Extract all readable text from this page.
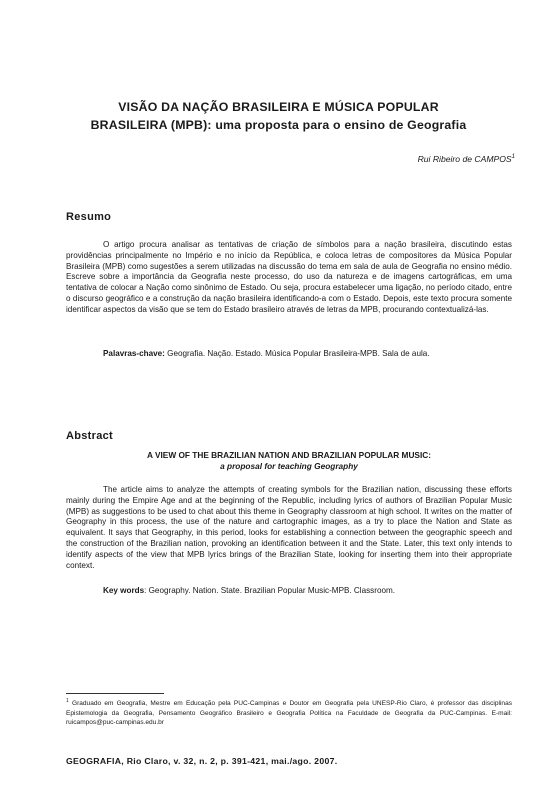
VISÃO DA NAÇÃO BRASILEIRA E MÚSICA POPULAR
BRASILEIRA (MPB): uma proposta para o ensino de Geografia
Rui Ribeiro de CAMPOS$^1$
Resumo
O artigo procura analisar as tentativas de criação de símbolos para a nação brasileira, discutindo estas providências principalmente no Império e no início da República, e coloca letras de compositores da Música Popular Brasileira (MPB) como sugestões a serem utilizadas na discussão do tema em sala de aula de Geografia no ensino médio. Escreve sobre a importância da Geografia neste processo, do uso da natureza e de imagens cartográficas, em uma tentativa de colocar a Nação como sinônimo de Estado. Ou seja, procura estabelecer uma ligação, no período citado, entre o discurso geográfico e a construção da nação brasileira identificando-a com o Estado. Depois, este texto procura somente identificar aspectos da visão que se tem do Estado brasileiro através de letras da MPB, procurando contextualizá-las.
Palavras-chave: Geografia. Nação. Estado. Música Popular Brasileira-MPB. Sala de aula.
Abstract
A VIEW OF THE BRAZILIAN NATION AND BRAZILIAN POPULAR MUSIC:
a proposal for teaching Geography
The article aims to analyze the attempts of creating symbols for the Brazilian nation, discussing these efforts mainly during the Empire Age and at the beginning of the Republic, including lyrics of authors of Brazilian Popular Music (MPB) as suggestions to be used to chat about this theme in Geography classroom at high school. It writes on the matter of Geography in this process, the use of the nature and cartographic images, as a try to place the Nation and State as equivalent. It says that Geography, in this period, looks for establishing a connection between the geographic speech and the construction of the Brazilian nation, provoking an identification between it and the State. Later, this text only intends to identify aspects of the view that MPB lyrics brings of the Brazilian State, looking for inserting them into their appropriate context.
Key words: Geography. Nation. State. Brazilian Popular Music-MPB. Classroom.
$^1$ Graduado em Geografia, Mestre em Educação pela PUC-Campinas e Doutor em Geografia pela UNESP-Rio Claro, é professor das disciplinas Epistemologia da Geografia, Pensamento Geográfico Brasileiro e Geografia Política na Faculdade de Geografia da PUC-Campinas. E-mail: ruicampos@puc-campinas.edu.br
GEOGRAFIA, Rio Claro, v. 32, n. 2, p. 391-421, mai./ago. 2007.
